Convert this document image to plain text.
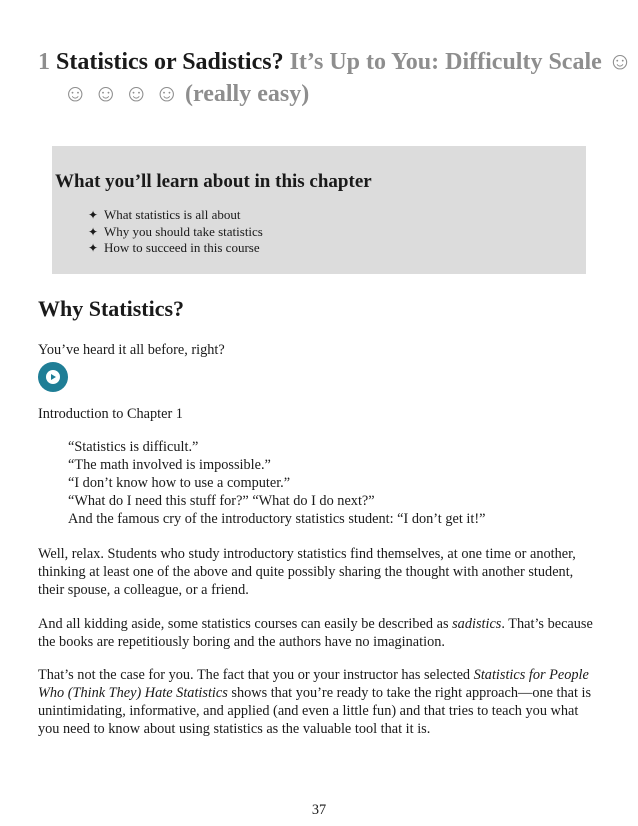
1 Statistics or Sadistics? It’s Up to You: Difficulty Scale ☺ ☺ ☺ ☺ ☺ (really easy)
What you’ll learn about in this chapter
✦ What statistics is all about
✦ Why you should take statistics
✦ How to succeed in this course
Why Statistics?
You’ve heard it all before, right?
Introduction to Chapter 1
“Statistics is difficult.”
“The math involved is impossible.”
“I don’t know how to use a computer.”
“What do I need this stuff for?” “What do I do next?”
And the famous cry of the introductory statistics student: “I don’t get it!”
Well, relax. Students who study introductory statistics find themselves, at one time or another, thinking at least one of the above and quite possibly sharing the thought with another student, their spouse, a colleague, or a friend.
And all kidding aside, some statistics courses can easily be described as sadistics. That’s because the books are repetitiously boring and the authors have no imagination.
That’s not the case for you. The fact that you or your instructor has selected Statistics for People Who (Think They) Hate Statistics shows that you’re ready to take the right approach—one that is unintimidating, informative, and applied (and even a little fun) and that tries to teach you what you need to know about using statistics as the valuable tool that it is.
37
